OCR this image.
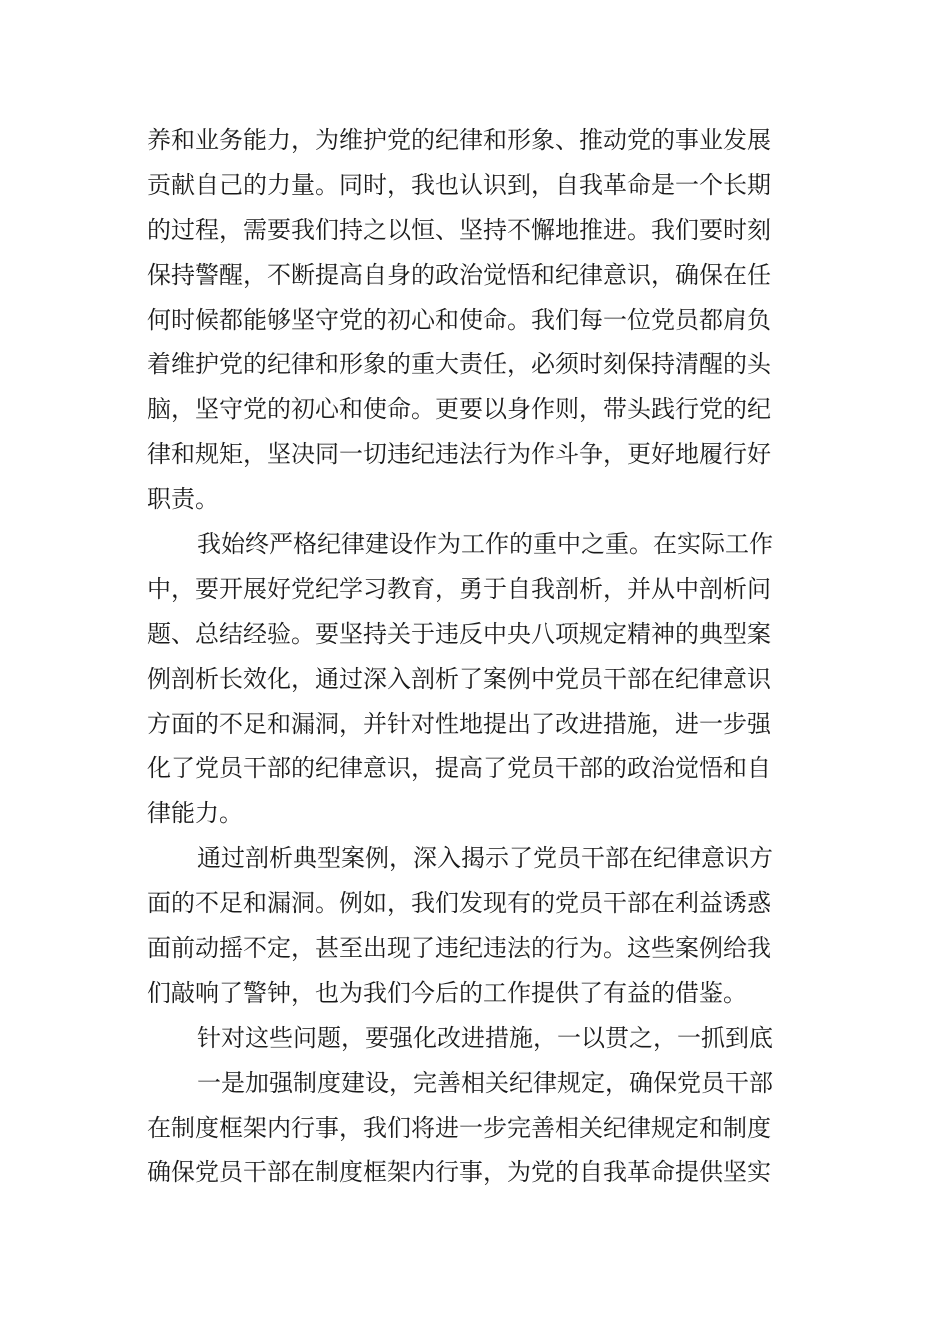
养和业务能力，为维护党的纪律和形象、推动党的事业发展
贡献自己的力量。同时，我也认识到，自我革命是一个长期
的过程，需要我们持之以恒、坚持不懈地推进。我们要时刻
保持警醒，不断提高自身的政治觉悟和纪律意识，确保在任
何时候都能够坚守党的初心和使命。我们每一位党员都肩负
着维护党的纪律和形象的重大责任，必须时刻保持清醒的头
脑，坚守党的初心和使命。更要以身作则，带头践行党的纪
律和规矩，坚决同一切违纪违法行为作斗争，更好地履行好
职责。
我始终严格纪律建设作为工作的重中之重。在实际工作
中，要开展好党纪学习教育，勇于自我剖析，并从中剖析问
题、总结经验。要坚持关于违反中央八项规定精神的典型案
例剖析长效化，通过深入剖析了案例中党员干部在纪律意识
方面的不足和漏洞，并针对性地提出了改进措施，进一步强
化了党员干部的纪律意识，提高了党员干部的政治觉悟和自
律能力。
通过剖析典型案例，深入揭示了党员干部在纪律意识方
面的不足和漏洞。例如，我们发现有的党员干部在利益诱惑
面前动摇不定，甚至出现了违纪违法的行为。这些案例给我
们敲响了警钟，也为我们今后的工作提供了有益的借鉴。
针对这些问题，要强化改进措施，一以贯之，一抓到底
一是加强制度建设，完善相关纪律规定，确保党员干部
在制度框架内行事，我们将进一步完善相关纪律规定和制度
确保党员干部在制度框架内行事，为党的自我革命提供坚实
